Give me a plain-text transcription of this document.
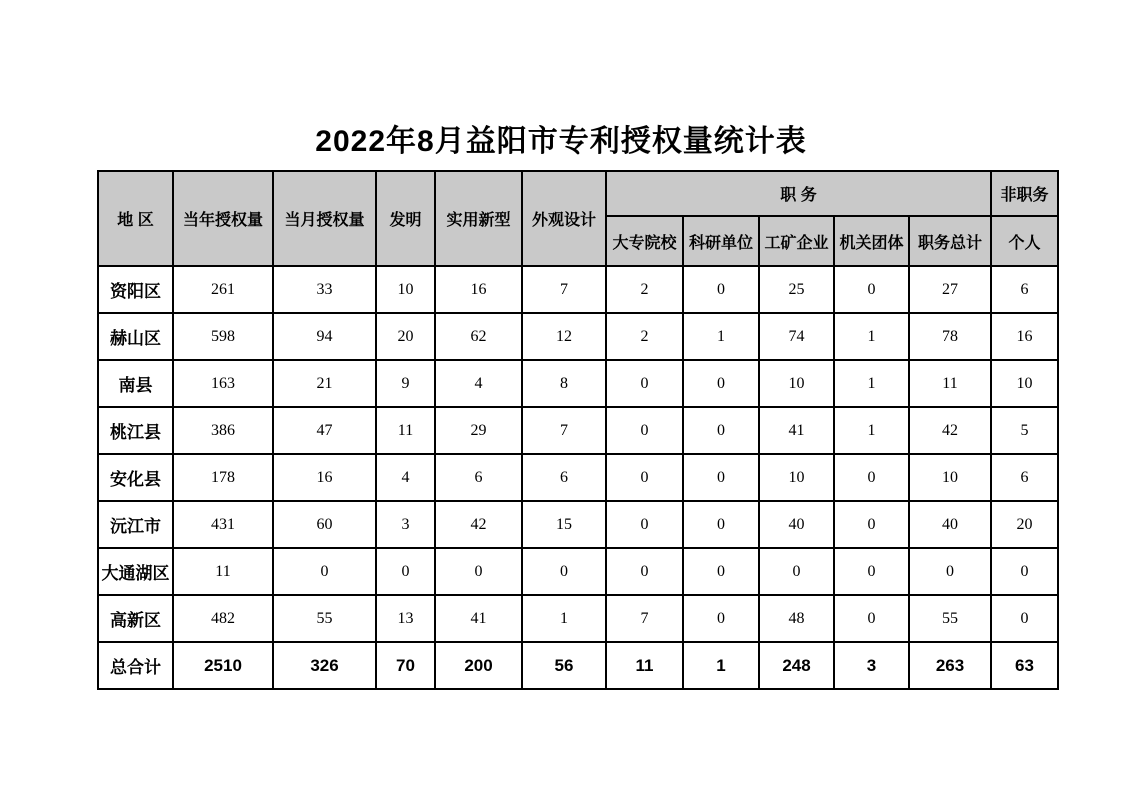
2022年8月益阳市专利授权量统计表
地 区	当年授权量	当月授权量	发明	实用新型	外观设计	职 务					非职务
						大专院校	科研单位	工矿企业	机关团体	职务总计	个人
资阳区	261	33	10	16	7	2	0	25	0	27	6
赫山区	598	94	20	62	12	2	1	74	1	78	16
南县	163	21	9	4	8	0	0	10	1	11	10
桃江县	386	47	11	29	7	0	0	41	1	42	5
安化县	178	16	4	6	6	0	0	10	0	10	6
沅江市	431	60	3	42	15	0	0	40	0	40	20
大通湖区	11	0	0	0	0	0	0	0	0	0	0
高新区	482	55	13	41	1	7	0	48	0	55	0
总合计	2510	326	70	200	56	11	1	248	3	263	63
